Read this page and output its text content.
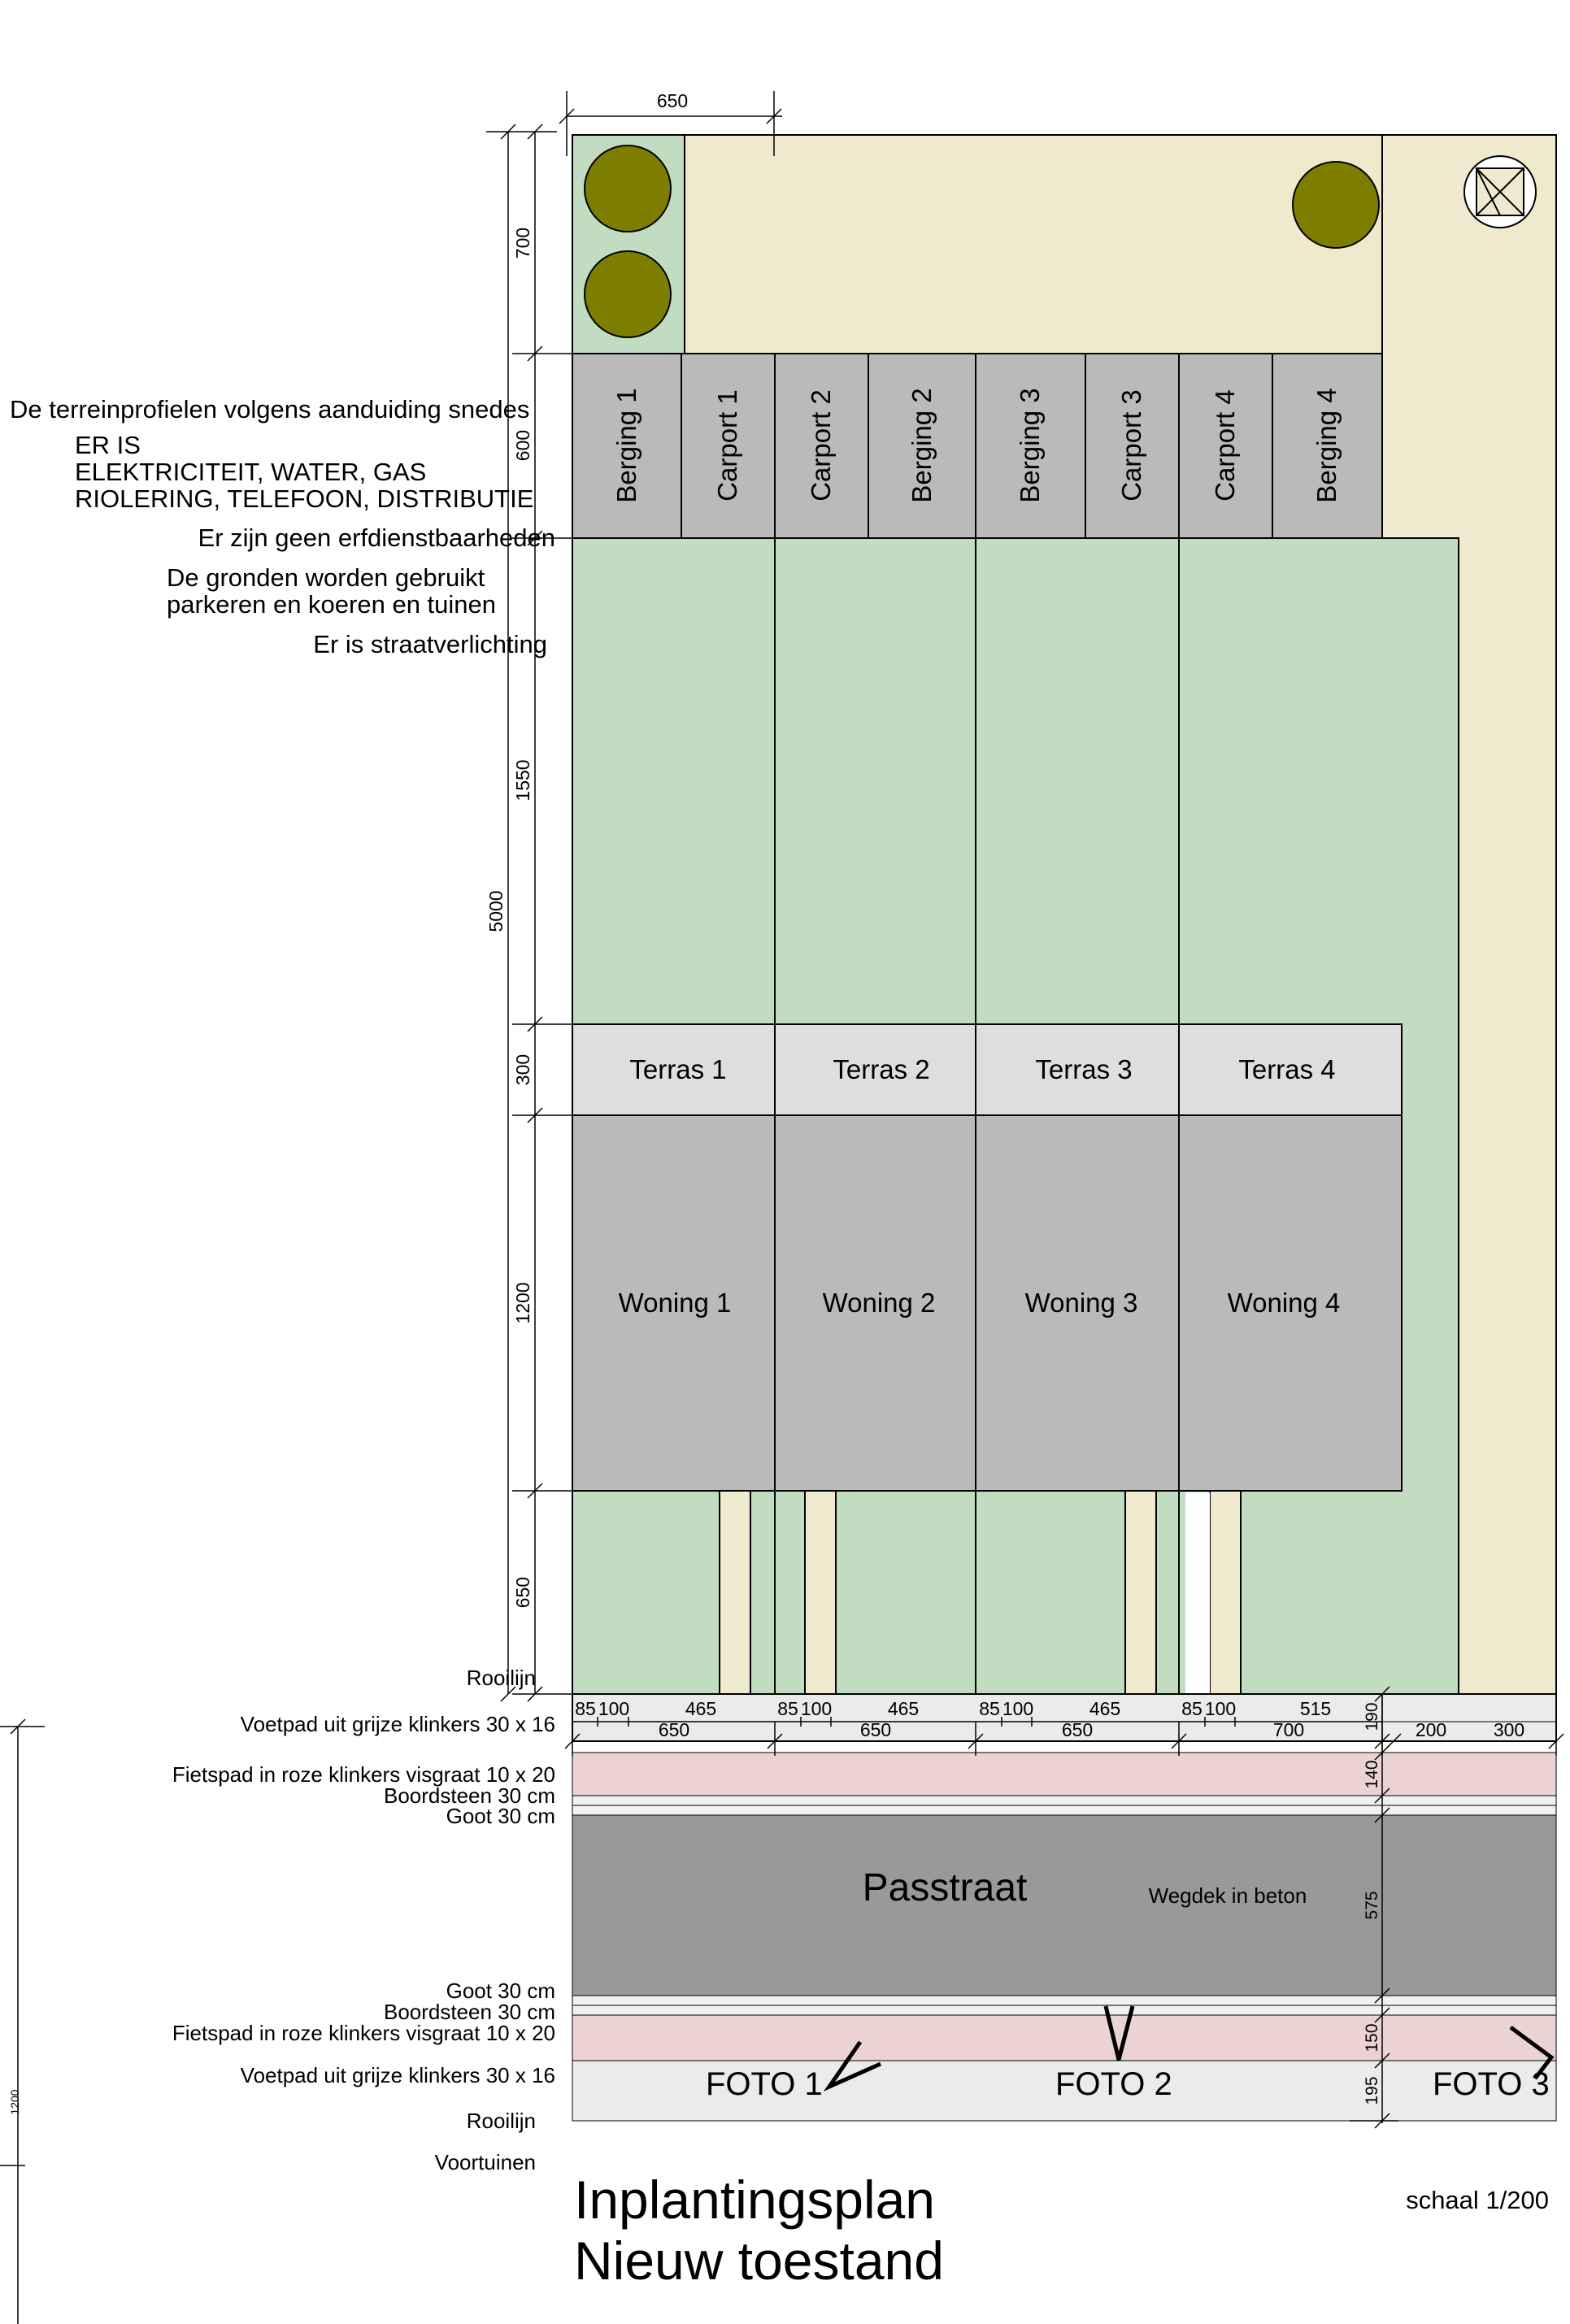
Berging 1	Carport 1 Carport 2	Berging 2	Berging 3	Carport 3 Carport 4	Berging 4
Terras 1	Terras 2	Terras 3	Terras 4
Woning 1	Woning 2	Woning 3	Woning 4
Passtraat	Wegdek in beton
FOTO 1	FOTO 2	FOTO 3
650
700
600
1550
5000
300
1200
650
1200
190
140
575
150
195
85 100	465	85 100	465	85 100	465	85 100	515
650	650	650	700	200	300
De terreinprofielen volgens aanduiding snedes
ER IS
ELEKTRICITEIT, WATER, GAS
RIOLERING, TELEFOON, DISTRIBUTIE
Er zijn geen erfdienstbaarheden
De gronden worden gebruikt
parkeren en koeren en tuinen
Er is straatverlichting
Rooilijn
Voetpad uit grijze klinkers 30 x 16
Fietspad in roze klinkers visgraat 10 x 20
Boordsteen 30 cm
Goot 30 cm
Goot 30 cm
Boordsteen 30 cm
Fietspad in roze klinkers visgraat 10 x 20
Voetpad uit grijze klinkers 30 x 16
Rooilijn
Voortuinen
Inplantingsplan
Nieuw toestand
schaal 1/200
